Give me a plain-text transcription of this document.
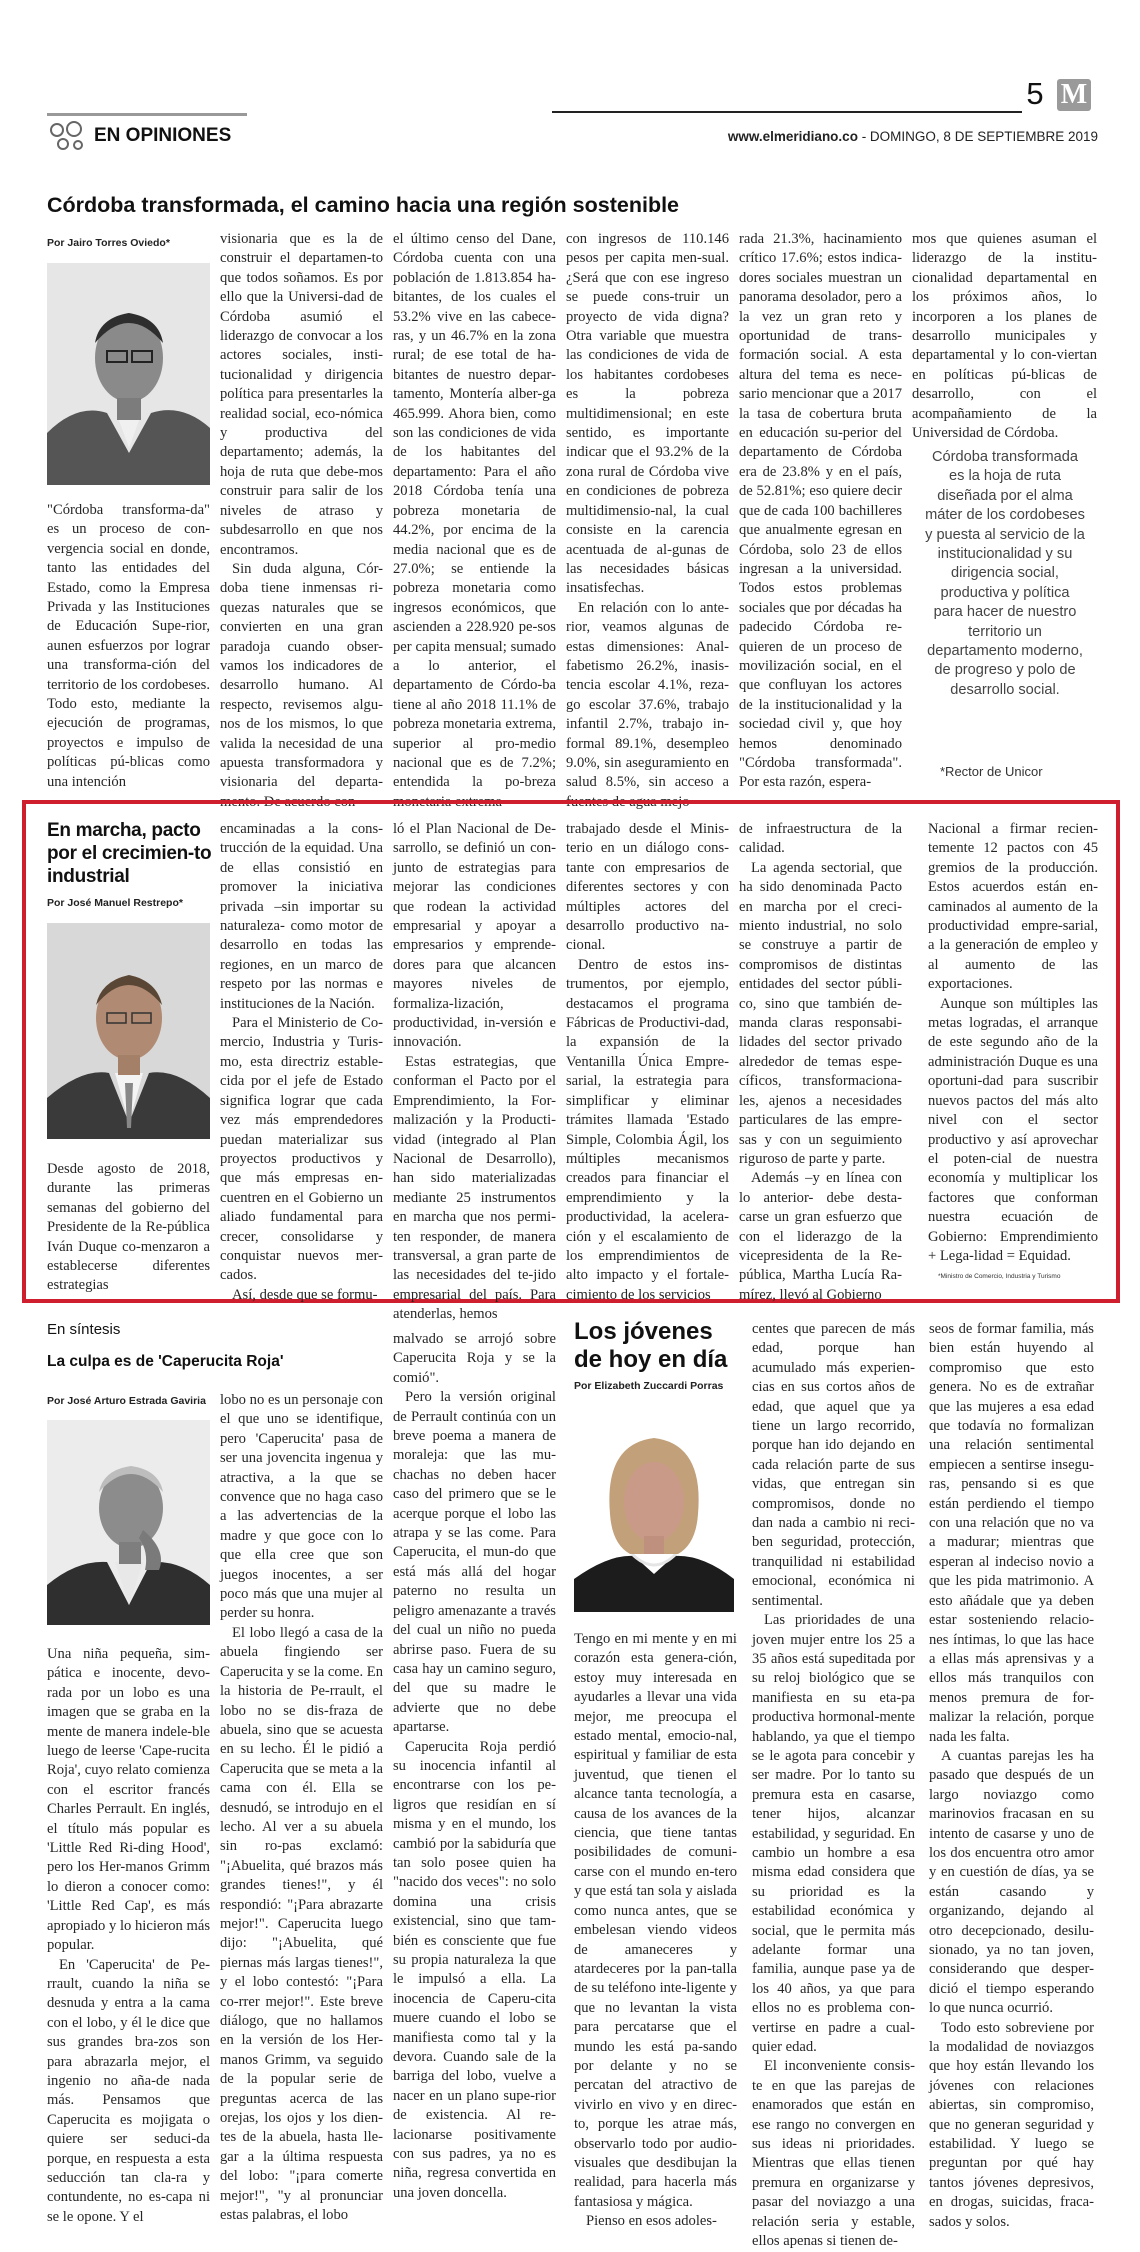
5 M
EN OPINIONES	www.elmeridiano.co - DOMINGO, 8 DE SEPTIEMBRE 2019
Córdoba transformada, el camino hacia una región sostenible
Por Jairo Torres Oviedo*

"Córdoba transforma-da" es un proceso de con-vergencia social en donde, tanto las entidades del Estado, como la Empresa Privada y las Instituciones de Educación Supe-rior, aunen esfuerzos por lograr una transforma-ción del territorio de los cordobeses. Todo esto, mediante la ejecución de programas, proyectos e impulso de políticas pú-blicas como una intención

visionaria que es la de construir el departamen-to que todos soñamos. Es por ello que la Universi-dad de Córdoba asumió el liderazgo de convocar a los actores sociales, insti-tucionalidad y dirigencia política para presentarles la realidad social, eco-nómica y productiva del departamento; además, la hoja de ruta que debe-mos construir para salir de los niveles de atraso y subdesarrollo en que nos encontramos.

Sin duda alguna, Cór-doba tiene inmensas ri-quezas naturales que se convierten en una gran paradoja cuando obser-vamos los indicadores de desarrollo humano. Al respecto, revisemos algu-nos de los mismos, lo que valida la necesidad de una apuesta transformadora y visionaria del departa-mento. De acuerdo con

el último censo del Dane, Córdoba cuenta con una población de 1.813.854 ha-bitantes, de los cuales el 53.2% vive en las cabece-ras, y un 46.7% en la zona rural; de ese total de ha-bitantes de nuestro depar-tamento, Montería alber-ga 465.999. Ahora bien, como son las condiciones de vida de los habitantes del departamento: Para el año 2018 Córdoba tenía una pobreza monetaria de 44.2%, por encima de la media nacional que es de 27.0%; se entiende la pobreza monetaria como ingresos económicos, que ascienden a 228.920 pe-sos per capita mensual; sumado a lo anterior, el departamento de Córdo-ba tiene al año 2018 11.1% de pobreza monetaria extrema, superior al pro-medio nacional que es de 7.2%; entendida la po-breza monetaria extrema

con ingresos de 110.146 pesos per capita men-sual. ¿Será que con ese ingreso se puede cons-truir un proyecto de vida digna? Otra variable que muestra las condiciones de vida de los habitantes cordobeses es la pobreza multidimensional; en este sentido, es importante indicar que el 93.2% de la zona rural de Córdoba vive en condiciones de pobreza multidimensio-nal, la cual consiste en la carencia acentuada de al-gunas de las necesidades básicas insatisfechas.

En relación con lo ante-rior, veamos algunas de estas dimensiones: Anal-fabetismo 26.2%, inasis-tencia escolar 4.1%, reza-go escolar 37.6%, trabajo infantil 2.7%, trabajo in-formal 89.1%, desempleo 9.0%, sin aseguramiento en salud 8.5%, sin acceso a fuentes de agua mejo-

rada 21.3%, hacinamiento crítico 17.6%; estos indica-dores sociales muestran un panorama desolador, pero a la vez un gran reto y oportunidad de trans-formación social. A esta altura del tema es nece-sario mencionar que a 2017 la tasa de cobertura bruta en educación su-perior del departamento de Córdoba era de 23.8% y en el país, de 52.81%; eso quiere decir que de cada 100 bachilleres que anualmente egresan en Córdoba, solo 23 de ellos ingresan a la universidad. Todos estos problemas sociales que por décadas ha padecido Córdoba re-quieren de un proceso de movilización social, en el que confluyan los actores de la institucionalidad y la sociedad civil y, que hoy hemos denominado "Córdoba transformada". Por esta razón, espera-

mos que quienes asuman el liderazgo de la institu-cionalidad departamental en los próximos años, lo incorporen a los planes de desarrollo municipales y departamental y lo con-viertan en políticas pú-blicas de desarrollo, con el acompañamiento de la Universidad de Córdoba.

Córdoba transformada es la hoja de ruta diseñada por el alma máter de los cordobeses y puesta al servicio de la institucionalidad y su dirigencia social, productiva y política para hacer de nuestro territorio un departamento moderno, de progreso y polo de desarrollo social.
*Rector de Unicor
En marcha, pacto por el crecimien-to industrial
Por José Manuel Restrepo*

Desde agosto de 2018, durante las primeras semanas del gobierno del Presidente de la Re-pública Iván Duque co-menzaron a establecerse diferentes estrategias

encaminadas a la cons-trucción de la equidad. Una de ellas consistió en promover la iniciativa privada –sin importar su naturaleza- como motor de desarrollo en todas las regiones, en un marco de respeto por las normas e instituciones de la Nación.

Para el Ministerio de Co-mercio, Industria y Turis-mo, esta directriz estable-cida por el jefe de Estado significa lograr que cada vez más emprendedores puedan materializar sus proyectos productivos y que más empresas en-cuentren en el Gobierno un aliado fundamental para crecer, consolidarse y conquistar nuevos mer-cados.

Así, desde que se formu-

ló el Plan Nacional de De-sarrollo, se definió un con-junto de estrategias para mejorar las condiciones que rodean la actividad empresarial y apoyar a empresarios y emprende-dores para que alcancen mayores niveles de formaliza-lización, productividad, in-versión e innovación.

Estas estrategias, que conforman el Pacto por el Emprendimiento, la For-malización y la Producti-vidad (integrado al Plan Nacional de Desarrollo), han sido materializadas mediante 25 instrumentos en marcha que nos permi-ten responder, de manera transversal, a gran parte de las necesidades del te-jido empresarial del país. Para atenderlas, hemos

trabajado desde el Minis-terio en un diálogo cons-tante con empresarios de diferentes sectores y con múltiples actores del desarrollo productivo na-cional.

Dentro de estos ins-trumentos, por ejemplo, destacamos el programa Fábricas de Productivi-dad, la expansión de la Ventanilla Única Empre-sarial, la estrategia para simplificar y eliminar trámites llamada 'Estado Simple, Colombia Ágil, los múltiples mecanismos creados para financiar el emprendimiento y la productividad, la acelera-ción y el escalamiento de los emprendimientos de alto impacto y el fortale-cimiento de los servicios

de infraestructura de la calidad.

La agenda sectorial, que ha sido denominada Pacto en marcha por el creci-miento industrial, no solo se construye a partir de compromisos de distintas entidades del sector públi-co, sino que también de-manda claras responsabi-lidades del sector privado alrededor de temas espe-cíficos, transformaciona-les, ajenos a necesidades particulares de las empre-sas y con un seguimiento riguroso de parte y parte.

Además –y en línea con lo anterior- debe desta-carse un gran esfuerzo que con el liderazgo de la vicepresidenta de la Re-pública, Martha Lucía Ra-mírez, llevó al Gobierno

Nacional a firmar recien-temente 12 pactos con 45 gremios de la producción. Estos acuerdos están en-caminados al aumento de la productividad empre-sarial, a la generación de empleo y al aumento de las exportaciones.

Aunque son múltiples las metas logradas, el arranque de este segundo año de la administración Duque es una oportuni-dad para suscribir nuevos pactos del más alto nivel con el sector productivo y así aprovechar el poten-cial de nuestra economía y multiplicar los factores que conforman nuestra ecuación de Gobierno: Emprendimiento + Lega-lidad = Equidad.

*Ministro de Comercio, Industria y Turismo
En síntesis
La culpa es de 'Caperucita Roja'
Por José Arturo Estrada Gaviria

Una niña pequeña, sim-pática e inocente, devo-rada por un lobo es una imagen que se graba en la mente de manera indele-ble luego de leerse 'Cape-rucita Roja', cuyo relato comienza con el escritor francés Charles Perrault. En inglés, el título más popular es 'Little Red Ri-ding Hood', pero los Her-manos Grimm lo dieron a conocer como: 'Little Red Cap', es más apropiado y lo hicieron más popular.

En 'Caperucita' de Pe-rrault, cuando la niña se desnuda y entra a la cama con el lobo, y él le dice que sus grandes bra-zos son para abrazarla mejor, el ingenio no aña-de nada más. Pensamos que Caperucita es mojigata o quiere ser seduci-da porque, en respuesta a esta seducción tan cla-ra y contundente, no es-capa ni se le opone. Y el

lobo no es un personaje con el que uno se identifique, pero 'Caperucita' pasa de ser una jovencita ingenua y atractiva, a la que se convence que no haga caso a las advertencias de la madre y que goce con lo que ella cree que son juegos inocentes, a ser poco más que una mujer al perder su honra.

El lobo llegó a casa de la abuela fingiendo ser Caperucita y se la come. En la historia de Pe-rrault, el lobo no se dis-fraza de abuela, sino que se acuesta en su lecho. Él le pidió a Caperucita que se meta a la cama con él. Ella se desnudó, se introdujo en el lecho. Al ver a su abuela sin ro-pas exclamó: "¡Abuelita, qué brazos más grandes tienes!", y él respondió: "¡Para abrazarte mejor!". Caperucita luego dijo: "¡Abuelita, qué piernas más largas tienes!", y el lobo contestó: "¡Para co-rrer mejor!". Este breve diálogo, que no hallamos en la versión de los Her-manos Grimm, va seguido de la popular serie de preguntas acerca de las orejas, los ojos y los dien-tes de la abuela, hasta lle-gar a la última respuesta del lobo: "¡para comerte mejor!", "y al pronunciar estas palabras, el lobo

malvado se arrojó sobre Caperucita Roja y se la comió".

Pero la versión original de Perrault continúa con un breve poema a manera de moraleja: que las mu-chachas no deben hacer caso del primero que se le acerque porque el lobo las atrapa y se las come. Para Caperucita, el mun-do que está más allá del hogar paterno no resulta un peligro amenazante a través del cual un niño no pueda abrirse paso. Fuera de su casa hay un camino seguro, del que su madre le advierte que no debe apartarse.

Caperucita Roja perdió su inocencia infantil al encontrarse con los pe-ligros que residían en sí misma y en el mundo, los cambió por la sabiduría que tan solo posee quien ha "nacido dos veces": no solo domina una crisis existencial, sino que tam-bién es consciente que fue su propia naturaleza la que le impulsó a ella. La inocencia de Caperu-cita muere cuando el lobo se manifiesta como tal y la devora. Cuando sale de la barriga del lobo, vuelve a nacer en un plano supe-rior de existencia. Al re-lacionarse positivamente con sus padres, ya no es niña, regresa convertida en una joven doncella.

Los jóvenes de hoy en día
Por Elizabeth Zuccardi Porras

Tengo en mi mente y en mi corazón esta genera-ción, estoy muy interesada en ayudarles a llevar una vida mejor, me preocupa el estado mental, emocio-nal, espiritual y familiar de esta juventud, que tienen el alcance tanta tecnología, a causa de los avances de la ciencia, que tiene tantas posibilidades de comuni-carse con el mundo en-tero y que está tan sola y aislada como nunca antes, que se embelesan viendo videos de amaneceres y atardeceres por la pan-talla de su teléfono inte-ligente y que no levantan la vista para percatarse que el mundo les está pa-sando por delante y no se percatan del atractivo de vivirlo en vivo y en direc-to, porque les atrae más, observarlo todo por audio-visuales que desdibujan la realidad, para hacerla más fantasiosa y mágica.

Pienso en esos adoles-

centes que parecen de más edad, porque han acumulado más experien-cias en sus cortos años de edad, que aquel que ya tiene un largo recorrido, porque han ido dejando en cada relación parte de sus vidas, que entregan sin compromisos, donde no dan nada a cambio ni reci-ben seguridad, protección, tranquilidad ni estabilidad emocional, económica ni sentimental.

Las prioridades de una joven mujer entre los 25 a 35 años está supeditada por su reloj biológico que se manifiesta en su eta-pa productiva hormonal-mente hablando, ya que el tiempo se le agota para concebir y ser madre. Por lo tanto su premura esta en casarse, tener hijos, alcanzar estabilidad, y seguridad. En cambio un hombre a esa misma edad considera que su prioridad es la estabilidad económica y social, que le permita más adelante formar una familia, aunque pase ya de los 40 años, ya que para ellos no es problema con-vertirse en padre a cual-quier edad.

El inconveniente consis-te en que las parejas de enamorados que están en ese rango no convergen en sus ideas ni prioridades. Mientras que ellas tienen premura en organizarse y pasar del noviazgo a una relación seria y estable, ellos apenas si tienen de-

seos de formar familia, más bien están huyendo al compromiso que esto genera. No es de extrañar que las mujeres a esa edad que todavía no formalizan una relación sentimental empiecen a sentirse insegu-ras, pensando si es que están perdiendo el tiempo con una relación que no va a madurar; mientras que esperan al indeciso novio a que les pida matrimonio. A esto añádale que ya deben estar sosteniendo relacio-nes íntimas, lo que las hace a ellas más aprensivas y a ellos más tranquilos con menos premura de for-malizar la relación, porque nada les falta.

A cuantas parejas les ha pasado que después de un largo noviazgo como marinovios fracasan en su intento de casarse y uno de los dos encuentra otro amor y en cuestión de días, ya se están casando y organizando, dejando al otro decepcionado, desilu-sionado, ya no tan joven, considerando que desper-dició el tiempo esperando lo que nunca ocurrió.

Todo esto sobreviene por la modalidad de noviazgos que hoy están llevando los jóvenes con relaciones abiertas, sin compromiso, que no generan seguridad y estabilidad. Y luego se preguntan por qué hay tantos jóvenes depresivos, en drogas, suicidas, fraca-sados y solos.
